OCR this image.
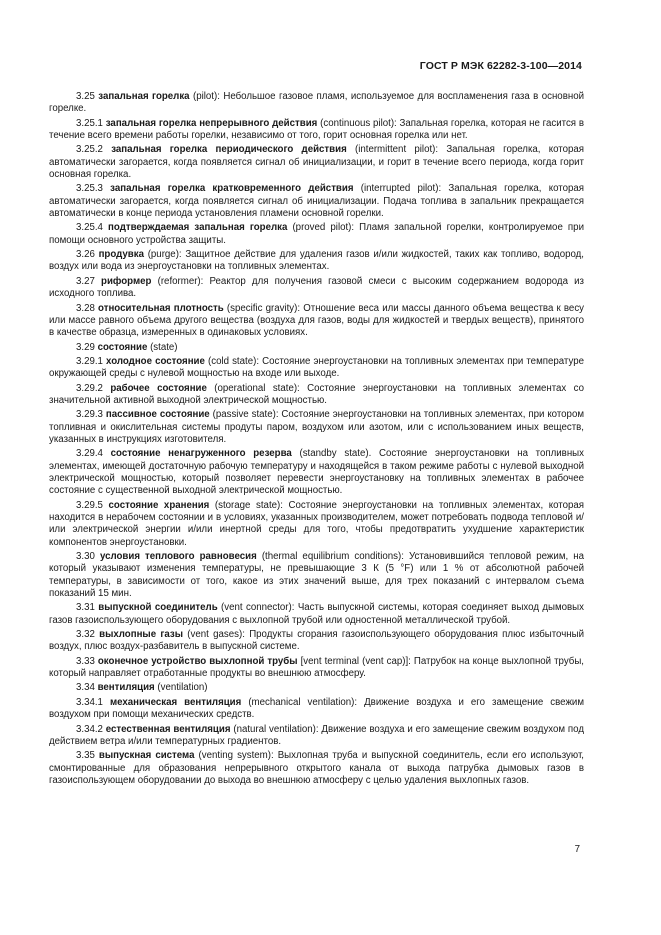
ГОСТ Р МЭК 62282-3-100—2014

3.25 запальная горелка (pilot): Небольшое газовое пламя, используемое для воспламенения газа в основной горелке.

3.25.1 запальная горелка непрерывного действия (continuous pilot): Запальная горелка, которая не гасится в течение всего времени работы горелки, независимо от того, горит основная горелка или нет.

3.25.2 запальная горелка периодического действия (intermittent pilot): Запальная горелка, которая автоматически загорается, когда появляется сигнал об инициализации, и горит в течение всего периода, когда горит основная горелка.

3.25.3 запальная горелка кратковременного действия (interrupted pilot): Запальная горелка, которая автоматически загорается, когда появляется сигнал об инициализации. Подача топлива в запальник прекращается автоматически в конце периода установления пламени основной горелки.

3.25.4 подтверждаемая запальная горелка (proved pilot): Пламя запальной горелки, контролируемое при помощи основного устройства защиты.

3.26 продувка (purge): Защитное действие для удаления газов и/или жидкостей, таких как топливо, водород, воздух или вода из энергоустановки на топливных элементах.

3.27 риформер (reformer): Реактор для получения газовой смеси с высоким содержанием водорода из исходного топлива.

3.28 относительная плотность (specific gravity): Отношение веса или массы данного объема вещества к весу или массе равного объема другого вещества (воздуха для газов, воды для жидкостей и твердых веществ), принятого в качестве образца, измеренных в одинаковых условиях.

3.29 состояние (state)

3.29.1 холодное состояние (cold state): Состояние энергоустановки на топливных элементах при температуре окружающей среды с нулевой мощностью на входе или выходе.

3.29.2 рабочее состояние (operational state): Состояние энергоустановки на топливных элементах со значительной активной выходной электрической мощностью.

3.29.3 пассивное состояние (passive state): Состояние энергоустановки на топливных элементах, при котором топливная и окислительная системы продуты паром, воздухом или азотом, или с использованием иных веществ, указанных в инструкциях изготовителя.

3.29.4 состояние ненагруженного резерва (standby state). Состояние энергоустановки на топливных элементах, имеющей достаточную рабочую температуру и находящейся в таком режиме работы с нулевой выходной электрической мощностью, который позволяет перевести энергоустановку на топливных элементах в рабочее состояние с существенной выходной электрической мощностью.

3.29.5 состояние хранения (storage state): Состояние энергоустановки на топливных элементах, которая находится в нерабочем состоянии и в условиях, указанных производителем, может потребовать подвода тепловой и/или электрической энергии и/или инертной среды для того, чтобы предотвратить ухудшение характеристик компонентов энергоустановки.

3.30 условия теплового равновесия (thermal equilibrium conditions): Установившийся тепловой режим, на который указывают изменения температуры, не превышающие 3 К (5 °F) или 1 % от абсолютной рабочей температуры, в зависимости от того, какое из этих значений выше, для трех показаний с интервалом съема показаний 15 мин.

3.31 выпускной соединитель (vent connector): Часть выпускной системы, которая соединяет выход дымовых газов газоиспользующего оборудования с выхлопной трубой или одностенной металлической трубой.

3.32 выхлопные газы (vent gases): Продукты сгорания газоиспользующего оборудования плюс избыточный воздух, плюс воздух-разбавитель в выпускной системе.

3.33 оконечное устройство выхлопной трубы [vent terminal (vent cap)]: Патрубок на конце выхлопной трубы, который направляет отработанные продукты во внешнюю атмосферу.

3.34 вентиляция (ventilation)

3.34.1 механическая вентиляция (mechanical ventilation): Движение воздуха и его замещение свежим воздухом при помощи механических средств.

3.34.2 естественная вентиляция (natural ventilation): Движение воздуха и его замещение свежим воздухом под действием ветра и/или температурных градиентов.

3.35 выпускная система (venting system): Выхлопная труба и выпускной соединитель, если его используют, смонтированные для образования непрерывного открытого канала от выхода патрубка дымовых газов в газоиспользующем оборудовании до выхода во внешнюю атмосферу с целью удаления выхлопных газов.

7
